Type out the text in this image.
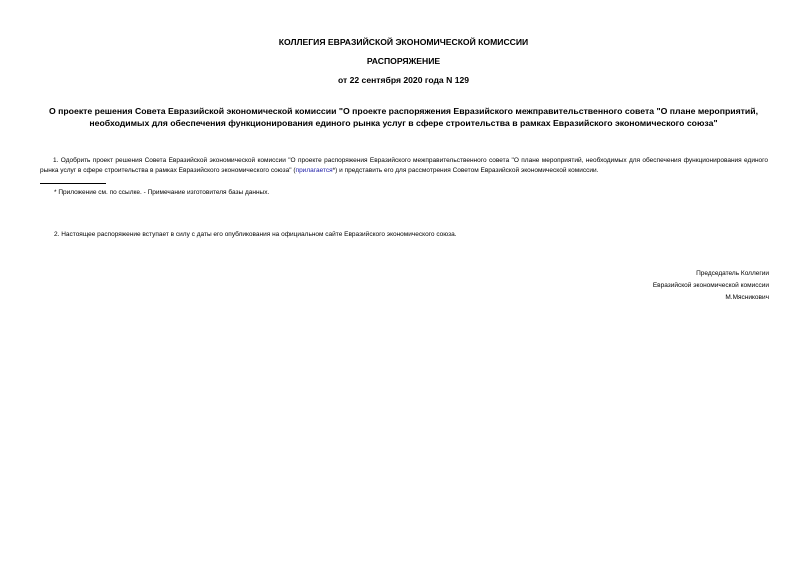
КОЛЛЕГИЯ ЕВРАЗИЙСКОЙ ЭКОНОМИЧЕСКОЙ КОМИССИИ
РАСПОРЯЖЕНИЕ
от 22 сентября 2020 года N 129
О проекте решения Совета Евразийской экономической комиссии "О проекте распоряжения Евразийского межправительственного совета "О плане мероприятий, необходимых для обеспечения функционирования единого рынка услуг в сфере строительства в рамках Евразийского экономического союза"
1. Одобрить проект решения Совета Евразийской экономической комиссии "О проекте распоряжения Евразийского межправительственного совета "О плане мероприятий, необходимых для обеспечения функционирования единого рынка услуг в сфере строительства в рамках Евразийского экономического союза" (прилагается*) и представить его для рассмотрения Советом Евразийской экономической комиссии.
* Приложение см. по ссылке. - Примечание изготовителя базы данных.
2. Настоящее распоряжение вступает в силу с даты его опубликования на официальном сайте Евразийского экономического союза.
Председатель Коллегии
Евразийской экономической комиссии
М.Мясникович
